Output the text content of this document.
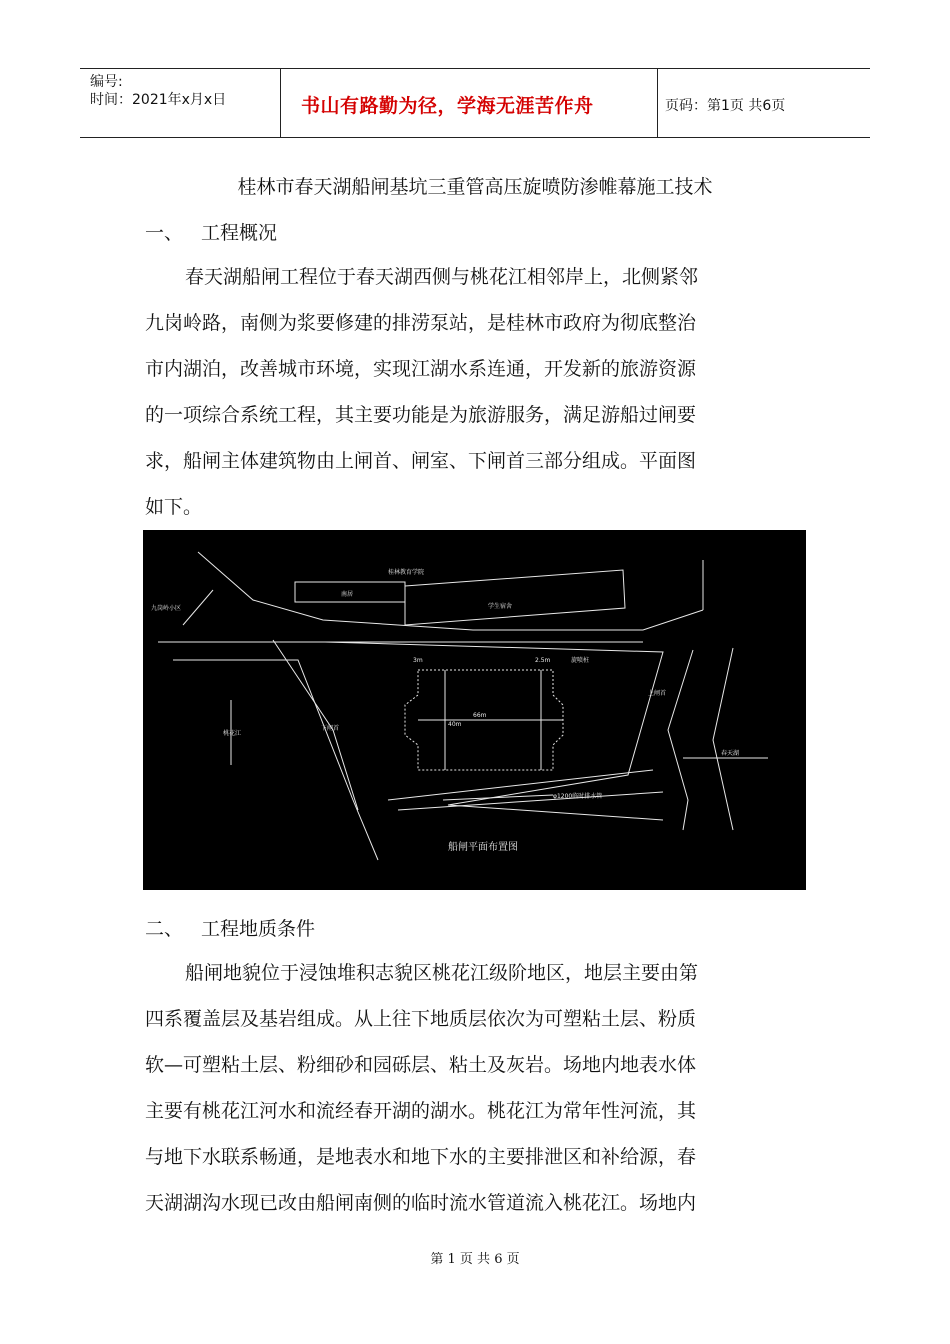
编号:
时间：2021年x月x日	书山有路勤为径，学海无涯苦作舟	页码：第1页 共6页
桂林市春天湖船闸基坑三重管高压旋喷防渗帷幕施工技术
一、 工程概况

春天湖船闸工程位于春天湖西侧与桃花江相邻岸上，北侧紧邻
九岗岭路，南侧为浆要修建的排涝泵站，是桂林市政府为彻底整治
市内湖泊，改善城市环境，实现江湖水系连通，开发新的旅游资源
的一项综合系统工程，其主要功能是为旅游服务，满足游船过闸要
求，船闸主体建筑物由上闸首、闸室、下闸首三部分组成。平面图
如下。

桂林教育学院
南居
学生宿舍
九岗岭小区
下闸首
上闸首
桃花江
春天湖
φ1200临时排水管
66m
40m
3m	2.5m	旋喷桩
船闸平面布置图
二、 工程地质条件

船闸地貌位于浸蚀堆积志貌区桃花江级阶地区，地层主要由第
四系覆盖层及基岩组成。从上往下地质层依次为可塑粘土层、粉质
软—可塑粘土层、粉细砂和园砾层、粘土及灰岩。场地内地表水体
主要有桃花江河水和流经春开湖的湖水。桃花江为常年性河流，其
与地下水联系畅通，是地表水和地下水的主要排泄区和补给源，春
天湖湖沟水现已改由船闸南侧的临时流水管道流入桃花江。场地内

第 1 页 共 6 页
